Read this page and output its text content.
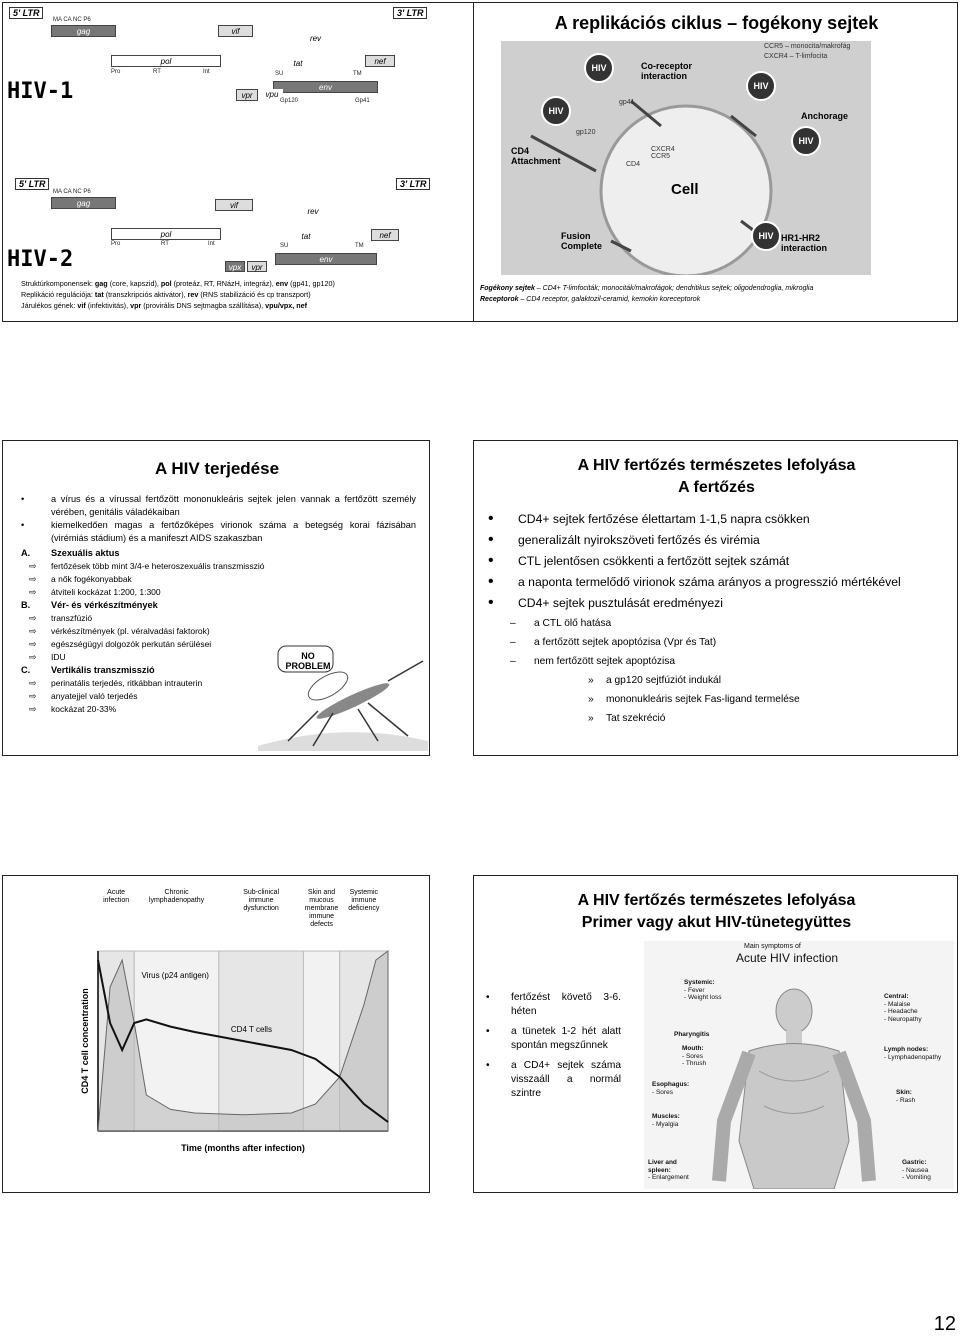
5' LTR	3' LTR
MA CA NC P6
gag	vif
pol
Pro	RT	Int
rev
tat	nef
SU	TM
env
vpr	vpu
Gp120	Gp41
HIV-1
5' LTR	3' LTR
MA CA NC P6
gag	vif
pol
Pro	RT	Int
rev
tat	nef
SU	TM
env
vpx	vpr
HIV-2
Struktúrkomponensek: gag (core, kapszid), pol (proteáz, RT, RNázH, integráz), env (gp41, gp120)
Replikáció regulációja: tat (transzkripciós aktivátor), rev (RNS stabilizáció és cp transzport)
Járulékos gének: vif (infektivitás), vpr (provirális DNS sejtmagba szállítása), vpu/vpx, nef
A replikációs ciklus – fogékony sejtek
HIV
HIV
HIV
HIV
HIV
Co-receptor interaction
Anchorage
CD4 Attachment
Cell
Fusion Complete
HR1-HR2 interaction
gp41
gp120
CD4
CXCR4 CCR5
CCR5 – monocita/makrofág
CXCR4 – T-limfocita
Fogékony sejtek – CD4+ T-limfociták; monociták/makrofágok; dendritikus sejtek; oligodendroglia, mikroglia
Receptorok – CD4 receptor, galaktozil-ceramid, kemokin koreceptorok
A HIV terjedése
•	a vírus és a vírussal fertőzött mononukleáris sejtek jelen vannak a fertőzött személy vérében, genitális váladékaiban
•	kiemelkedően magas a fertőzőképes virionok száma a betegség korai fázisában (virémiás stádium) és a manifeszt AIDS szakaszban
A. Szexuális aktus
⇨ fertőzések több mint 3/4-e heteroszexuális transzmisszió
⇨ a nők fogékonyabbak
⇨ átviteli kockázat 1:200, 1:300
B. Vér- és vérkészítmények
⇨ transzfúzió
⇨ vérkészítmények (pl. véralvadási faktorok)
⇨ egészségügyi dolgozók perkután sérülései
⇨ IDU
C. Vertikális transzmisszió
⇨ perinatális terjedés, ritkábban intrauterin
⇨ anyatejjel való terjedés
⇨ kockázat 20-33%
NO PROBLEM
A HIV fertőzés természetes lefolyása
A fertőzés
• CD4+ sejtek fertőzése élettartam 1-1,5 napra csökken
• generalizált nyirokszöveti fertőzés és virémia
• CTL jelentősen csökkenti a fertőzött sejtek számát
• a naponta termelődő virionok száma arányos a progresszió mértékével
• CD4+ sejtek pusztulását eredményezi
– a CTL ölő hatása
– a fertőzött sejtek apoptózisa (Vpr és Tat)
– nem fertőzött sejtek apoptózisa
» a gp120 sejtfúziót indukál
» mononukleáris sejtek Fas-ligand termelése
» Tat szekréció
Acute infection
Chronic lymphadenopathy
Sub-clinical immune dysfunction
Skin and mucous membrane immune defects
Systemic immune deficiency
CD4 T cell concentration
Time (months after infection)
Virus (p24 antigen)
CD4 T cells
A HIV fertőzés természetes lefolyása
Primer vagy akut HIV-tünetegyüttes
• fertőzést követő 3-6. héten
• a tünetek 1-2 hét alatt spontán megszűnnek
• a CD4+ sejtek száma visszaáll a normál szintre
Main symptoms of
Acute HIV infection
Systemic:
- Fever
- Weight loss
Pharyngitis
Mouth:
- Sores
- Thrush
Esophagus:
- Sores
Muscles:
- Myalgia
Liver and spleen:
- Enlargement
Central:
- Malaise
- Headache
- Neuropathy
Lymph nodes:
- Lymphadenopathy
Skin:
- Rash
Gastric:
- Nausea
- Vomiting
12
